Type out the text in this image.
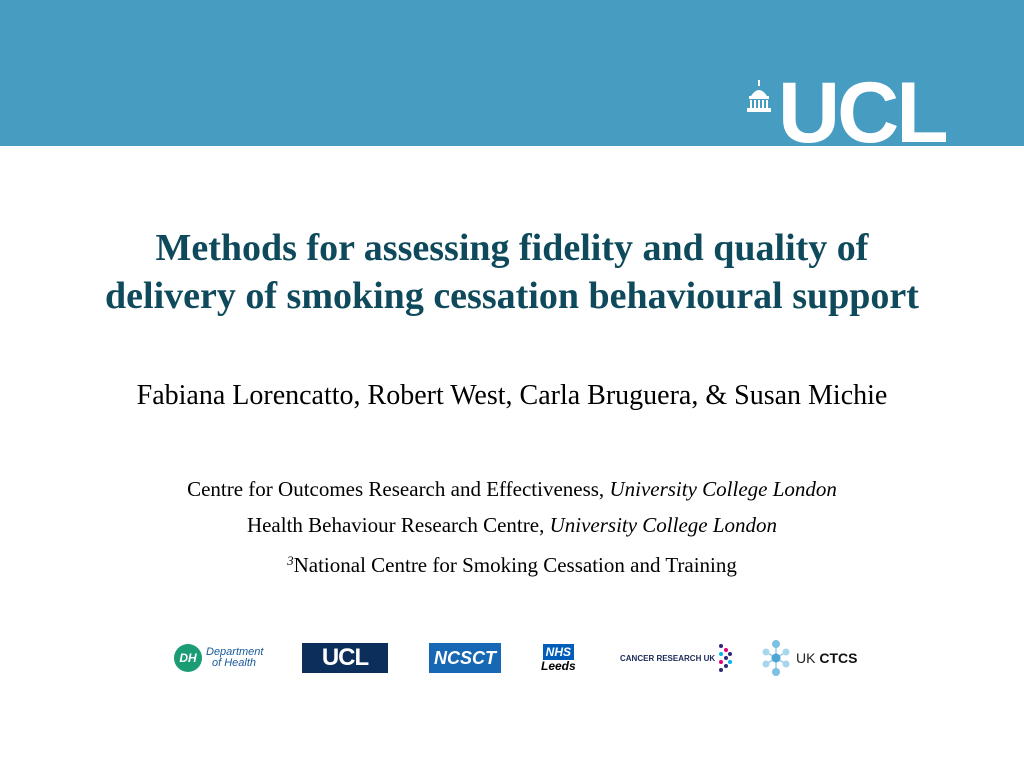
UCL
Methods for assessing fidelity and quality of
delivery of smoking cessation behavioural support
Fabiana Lorencatto, Robert West, Carla Bruguera, & Susan Michie
Centre for Outcomes Research and Effectiveness, University College London
Health Behaviour Research Centre, University College London
$^3$National Centre for Smoking Cessation and Training
DH Department
of Health	UCL	NCSCT	NHS
Leeds
CANCER RESEARCH UK	UK CTCS
